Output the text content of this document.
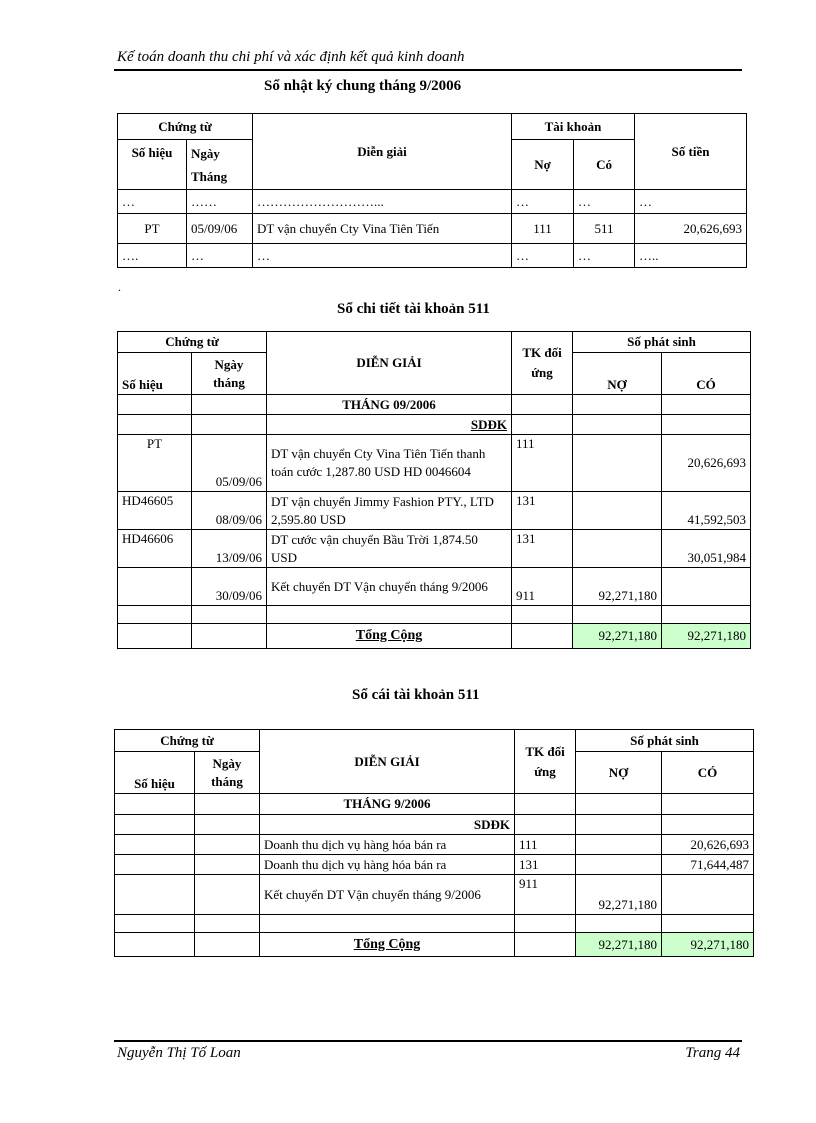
Kế toán doanh thu chi phí và xác định kết quả kinh doanh
Sổ nhật ký chung tháng 9/2006
Chứng từ		Diễn giải	Tài khoản		Số tiền
Số hiệu	Ngày Tháng		Nợ	Có	
…	……	………………………...	…	…	…
PT	05/09/06	DT vận chuyển Cty Vina Tiên Tiến	111	511	20,626,693
….	…	…	…	…	…..
.
Sổ chi tiết tài khoản 511
Chứng từ		DIỄN GIẢI	TK đối ứng	Số phát sinh	
Số hiệu	Ngày tháng			NỢ	CÓ
		THÁNG 09/2006			
		SDĐK			
PT	05/09/06	DT vận chuyển Cty Vina Tiên Tiến thanh toán cước 1,287.80 USD HD 0046604	111		20,626,693
HD46605	08/09/06	DT vận chuyển Jimmy Fashion PTY., LTD 2,595.80 USD	131		41,592,503
HD46606	13/09/06	DT cước vận chuyển Bầu Trời 1,874.50 USD	131		30,051,984
	30/09/06	Kết chuyển DT Vận chuyển tháng 9/2006	911	92,271,180	

		Tổng Cộng		92,271,180	92,271,180
Sổ cái tài khoản 511
Chứng từ		DIỄN GIẢI	TK đối ứng	Số phát sinh	
Số hiệu	Ngày tháng			NỢ	CÓ
		THÁNG 9/2006			
		SDĐK			
		Doanh thu dịch vụ hàng hóa bán ra	111		20,626,693
		Doanh thu dịch vụ hàng hóa bán ra	131		71,644,487
		Kết chuyển DT Vận chuyển tháng 9/2006	911	92,271,180	

		Tổng Cộng		92,271,180	92,271,180
Nguyễn Thị Tố Loan	Trang 44
